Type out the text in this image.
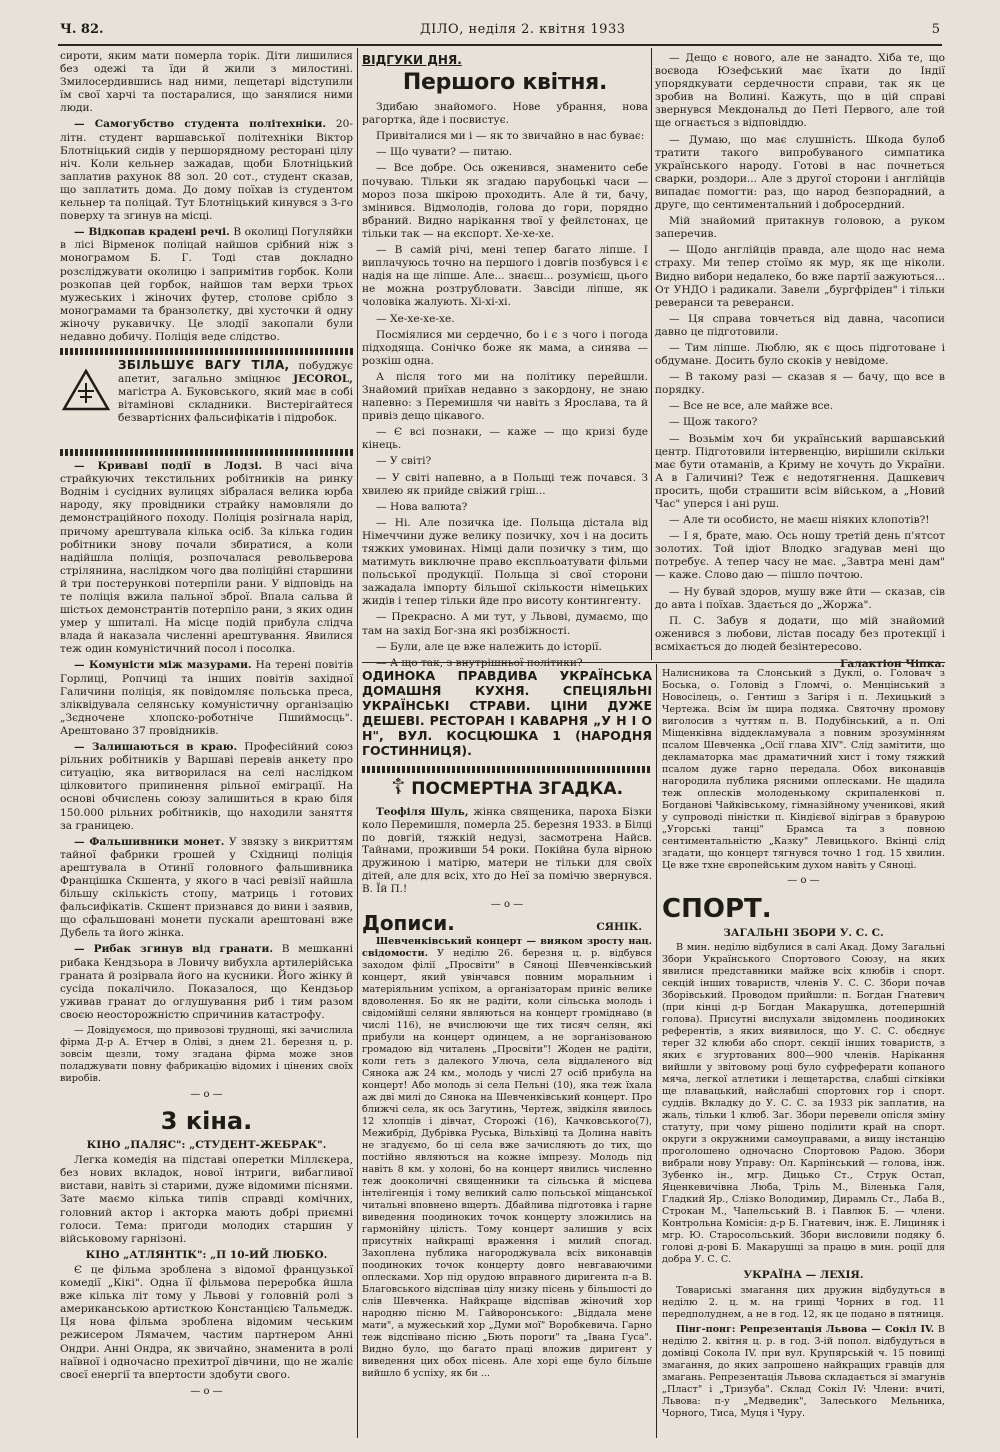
Ч. 82.	ДІЛО, неділя 2. квітня 1933	5

сироти, яким мати померла торік. Діти лишилися без одежі та їди й жили з милостині. Змилосердившись над ними, лещетарі відступили їм свої харчі та постаралися, що занялися ними люди.

— Самогубство студента політехніки. 20-літн. студент варшавської політехніки Віктор Блотніцький сидів у першорядному ресторані цілу ніч. Коли кельнер зажадав, щоби Блотніцький заплатив рахунок 88 зол. 20 сот., студент сказав, що заплатить дома. До дому поїхав із студентом кельнер та поліцай. Тут Блотніцький кинувся з 3-го поверху та згинув на місці.

— Відкопав крадені речі. В околиці Погуляйки в лісі Вірменок поліцай найшов срібний ніж з монограмом Б. Г. Тоді став докладно розсліджувати околицю і запримітив горбок. Коли розкопав цей горбок, найшов там верхи трьох мужеських і жіночих футер, столове срібло з монограмами та бранзолєтку, дві хусточки й одну жіночу рукавичку. Це злодії закопали були недавно добичу. Поліція веде слідство.

ЗБІЛЬШУЄ ВАГУ ТІЛА, побуджує апетит, загально зміцнює JECOROL, магістра А. Буковського, який має в собі вітамінові складники. Вистерігайтеся безвартісних фальсифікатів і підробок.

— Криваві події в Лодзі. В часі віча страйкуючих текстильних робітників на ринку Воднім і сусідних вулицях зібралася велика юрба народу, яку провідники страйку намовляли до демонстраційного походу. Поліція розігнала нарід, причому арештувала кілька осіб. За кілька годин робітники знову почали збиратися, а коли надійшла поліція, розпочалася револьверова стрілянина, наслідком чого два поліційні старшини й три постерунковi потерпіли рани. У відповідь на те поліція вжила пальної зброї. Впала сальва й шістьох демонстрантів потерпіло рани, з яких один умер у шпиталі. На місце подій прибула слідча влада й наказала численні арештування. Явилися теж один комуністичний посол і посолка.

— Комуністи між мазурами. На терені повітів Горлиці, Ропчиці та інших повітів західної Галичини поліція, як повідомляє польська преса, зліквідувала селянську комуністичну організацію „Зєдночене хлопско-роботніче Пшиймосць". Арештовано 37 провідників.

— Залишаються в краю. Професійний союз рільних робітників у Варшаві перевів анкету про ситуацію, яка витворилася на селі наслідком цілковитого припинення рільної еміграції. На основі обчислень союзу залишиться в краю біля 150.000 рільних робітників, що находили заняття за границею.

— Фальшивники монет. У звязку з викриттям тайної фабрики грошей у Східниці поліція арештувала в Отинії головного фальшивника Францішка Скшента, у якого в часі ревізії найшла більшу скількість стопу, матриць і готових фальсифікатів. Скшент признався до вини і заявив, що сфальшовані монети пускали арештовані вже Дубель та його жінка.

— Рибак згинув від гранати. В мешканні рибака Кендзьора в Ловичу вибухла артилерійська граната й розірвала його на кусники. Його жінку й сусіда покалічило. Показалося, що Кендзьор уживав гранат до оглушування риб і тим разом своєю неосторожністю спричинив катастрофу.

— Довідуємося, що привозові труднощі, які зачислила фірма Д-р А. Етчер в Оліві, з днем 21. березня ц. р. зовсім щезли, тому згадана фірма може знов поладжувати повну фабрикацію відомих і цінених своїх виробів.

— о —
3 кіна.
КІНО „ПАЛЯС": „СТУДЕНТ-ЖЕБРАК".

Легка комедія на підставі оперетки Міллєкера, без нових вкладок, нової інтриги, вибагливої вистави, навіть зі старими, дуже відомими піснями. Зате маємо кілька типів справді комічних, головний актор і акторка мають добрі приємні голоси. Тема: пригоди молодих старшин у військовому гарнізоні.

КІНО „АТЛЯНТІК": „П 10-ИЙ ЛЮБКО.

Є це фільма зроблена з відомої французької комедії „Кікі". Одна її фільмова переробка йшла вже кілька літ тому у Львові у головній ролі з американською артисткою Констанцією Тальмедж. Ця нова фільма зроблена відомим чеським режисером Лямачем, частим партнером Анні Ондри. Анні Ондра, як звичайно, знаменита в ролі наївної і одночасно прехитрої дівчини, що не жаліє своєї енергії та впертости здобути свого.

— о —
ВІДГУКИ ДНЯ.
Першого квітня.

Здибаю знайомого. Нове убрання, нова рагортка, йде і посвистує.

Привіталися ми і — як то звичайно в нас буває:

— Що чувати? — питаю.

— Все добре. Ось оженився, знаменито себе почуваю. Тільки як згадаю парубоцькі часи — мороз поза шкірою проходить. Але й ти, бачу, змінився. Відмолодів, голова до гори, порядно вбраний. Видно нарікання твої у фейлєтонах, це тільки так — на експорт. Хе-хе-хе.

— В самій річі, мені тепер багато ліпше. І виплачуюсь точно на першого і довгів позбувся і є надія на ще ліпше. Але... знаєш... розумієш, цього не можна розтрубловати. Завсіди ліпше, як чоловіка жалують. Хі-хі-хі.

— Хе-хе-хе-хе.

Посміялися ми сердечно, бо і є з чого і погода підходяща. Сонічко боже як мама, а синява — розкіш одна.

А після того ми на політику перейшли. Знайомий приїхав недавно з закордону, не знаю напевно: з Перемишля чи навіть з Ярослава, та й привіз дещо цікавого.

— Є всі познаки, — каже — що кризі буде кінець.

— У світі?

— У світі напевно, а в Польщі теж почався. З хвилею як прийде свіжий гріш...

— Нова валюта?

— Ні. Але позичка іде. Польща дістала від Німеччини дуже велику позичку, хоч і на досить тяжких умовинах. Німці дали позичку з тим, що матимуть виключне право експльоатувати фільми польської продукції. Польща зі свої сторони зажадала імпорту більшої скількости німецьких жидів і тепер тільки йде про висоту контингенту.

— Прекрасно. А ми тут, у Львові, думаємо, що там на захід Бог-зна які розбіжності.

— Були, але це вже належить до історії.

— А що так, з внутрішньої політики?

— Дещо є нового, але не занадто. Хіба те, що воєвода Юзефський має їхати до Індії упорядкувати сердечности справи, так як це зробив на Волині. Кажуть, що в цій справі звернувся Мекдональд до Петі Первого, але той ще огнається з відповіддю.

— Думаю, що має слушність. Шкода булоб тратити такого випробуваного симпатика українського народу. Готові в нас почнеться сварки, роздори... Але з другої сторони і англійців випадає помогти: раз, що народ безпорадний, а друге, що сентиментальний і доброcердний.

Мій знайомий притакнув головою, а руком заперечив.

— Щодо англійців правда, але щодо нас нема страху. Ми тепер стоїмо як мур, як ще ніколи. Видно вибори недалеко, бо вже партії зажуються... От УНДО і радикали. Завели „бургфріден" і тільки реверанси та реверанси.

— Ця справа товчеться від давна, часописи давно це підготовили.

— Тим ліпше. Люблю, як є щось підготоване і обдумане. Досить було скоків у невідоме.

— В такому разі — сказав я — бачу, що все в порядку.

— Все не все, але майже все.

— Щож такого?

— Возьмім хоч би український варшавський центр. Підготовили інтервенцію, вирішили скільки має бути отаманів, а Криму не хочуть до України. А в Галичині? Теж є недотягнення. Дашкевич просить, щоби страшити всім військом, а „Новий Час" уперся і ані руш.

— Але ти особисто, не маєш ніяких клопотів?!

— І я, брате, маю. Ось ношу третій день п'ятсот золотих. Той ідіот Влодко згадував мені що потребує. А тепер часу не має. „Завтра мені дам" — каже. Слово даю — пішло почтою.

— Ну бувай здоров, мушу вже йти — сказав, сів до авта і поїхав. Здається до „Жоржа".

П. С. Забув я додати, що мій знайомий оженився з любови, лістав посаду без протекції і всміхається до людей безінтересово.

Галактіон Чіпка.
ОДИНОКА ПРАВДИВА УКРАЇНСЬКА ДОМАШНЯ КУХНЯ. СПЕЦІЯЛЬНІ УКРАЇНСЬКІ СТРАВИ. ЦІНИ ДУЖЕ ДЕШЕВІ. РЕСТОРАН І КАВАРНЯ „У Н І О Н", ВУЛ. КОСЦЮШКА 1 (НАРОДНЯ ГОСТИННИЦЯ).
☦ ПОСМЕРТНА ЗГАДКА.

Теофіля Шуль, жінка священика, пароха Бізки коло Перемишля, померла 25. березня 1933. в Білці по довгій, тяжкій недузі, засмотрена Найсв. Тайнами, проживши 54 роки. Покійна була вірною дружиною і матірю, матери не тільки для своїх дітей, але для всіх, хто до Неї за помічю звернувся. В. Їй П.!

— о —
Дописи.	СЯНІК.

Шевченківський концерт — вияком зросту нац. свідомости. У неділю 26. березня ц. р. відбувся заходом філії „Просвіти" в Сяноці Шевченківський концерт, який увінчався повним моральним і матеріяльним успіхом, а організаторам приніс велике вдоволення. Бо як не радіти, коли сільська молодь і свідомійші селяни являються на концерт громіднаво (в числі 116), не вчислюючи ще тих тисяч селян, які прибули на концерт одинцем, а не зорганізованою громадою від читалень „Просвіти"! Жоден не радіти, коли геть з далекого Улюча, села віддаленого від Сянока аж 24 км., молодь у числі 27 осіб прибула на концерт! Або молодь зі села Пельні (10), яка теж їхала аж дві милі до Сянока на Шевченківський концерт. Про ближчі села, як ось Загутинь, Чертеж, звідкіля явилось 12 хлопців і дівчат, Сторожі (16), Качковського(7), Межибрід, Дубрівка Руська, Вільхівці та Долина навіть не згадуємо, бо ці села вже зачисляють до тих, що постійно являються на кожне імпрезу. Молодь під навіть 8 км. у холоні, бо на концерт явились численно теж доокoличні священники та сільська й місцева інтелігенція і тому великий салю польської міщанської читальні вповнено вщерть. Дбайлива підготовка і гарне виведення поодиноких точок концерту зложились на гармонійну цілість. Тому концерт залишив у всіх присутніх найкращі враження і милий спогад. Захоплена публика нагороджувала всіх виконавців поодиноких точок концерту довго невгаваючими оплесками. Хор під орудою вправного диригента п-а В. Благовського відспівав цілу низку пісень у більшості до слів Шевченка. Найкраще відспівав жіночий хор народню пісню М. Гайворонського: „Віддала мене мати", а мужеський хор „Думи мої" Воробкевича. Гарно теж відспівано пісню „Бють пороги" та „Івана Гуса". Видно було, що багато праці вложив диригент у виведення цих обох пісень. Але хорі еще було більше вийшло б успіху, як би ...

Налисникова та Слонський з Дуклі, о. Головач з Боська, о. Головід з Гломчі, о. Менцінський з Новосілець, о. Гентиш з Загіря і п. Лехицький з Чертежа. Всім їм щира подяка. Святочну промову виголосив з чуттям п. В. Подубінський, а п. Олі Міщенківна віддекламувала з повним зрозумінням псалом Шевченка „Осії глава XIV". Слід замітити, що декламаторка має драматичний хист і тому тяжкий псалом дуже гарно передала. Обох виконавців нагородила публика рясними оплесками. Не щадила теж оплесків молоденькому скрипаленкові п. Богданові Чайківському, гімназійному ученикові, який у супроводі піністки п. Кіндієвої відіграв з бравурою „Угорські танці" Брамса та з повною сентиментальністю „Казку" Левицького. Вкінці слід згадати, що концерт тягнувся точно 1 год. 15 хвилин. Це вже тхне європейським духом навіть у Сяноці.

— о —
СПОРТ.
ЗАГАЛЬНІ ЗБОРИ У. С. С.

В мин. неділю відбулися в салі Акад. Дому Загальні Збори Українського Спортового Союзу, на яких явилися представники майже всіх клюбів і спорт. секцій інших товариств, членів У. С. С. Збори почав Зборівський. Проводом прийшли: п. Богдан Гнатевич (при кінці д-р Богдан Макарушка, дотепершній голова). Присутні вислухали звідомлень поодиноких референтів, з яких виявилося, що У. С. С. обєднує теper 32 клюби або спорт. секції інших товариств, з яких є згуртованих 800—900 членів. Нарікання вийшли у звітовому році було суфреферати копаного мяча, легкої атлетики і лещетарства, слабші сітківки ще плавацький, найслабші спортових гор і спорт. суддів. Вкладку до У. С. С. за 1933 рік заплатив, на жаль, тільки 1 клюб. Заг. Збори перевели опісля зміну статуту, при чому рішено поділити край на спорт. округи з окружними самоуправами, а вищу інстанцію проголошено одночасно Спортовою Радою. Збори вибрали нову Управу: Ол. Карпінський — голова, інж. Зубенко ін., мгр. Дицько Ст., Струк Остап, Яценкевичівна Люба, Тріль М., Віленька Галя, Гладкий Яр., Слізко Володимир, Дирамль Ст., Лаба В., Строкан М., Чапельський В. і Павлюк Б. — члени. Контрольна Комісія: д-р Б. Гнатевич, інж. Е. Лициняк і мгр. Ю. Старосольський. Збори висловили подяку б. голові д-рові Б. Макарушці за працю в мин. роції для добра У. С. С.

УКРАЇНА — ЛЕХІЯ.

Товариські змагання цих дружин відбудуться в неділю 2. ц. м. на грищі Чорних в год. 11 передполуднем, а не в год. 12, як це подано в пятниця.

Пінг-понг: Репрезентація Львова — Сокіл IV. В неділю 2. квітня ц. р. в год. 3-ій попол. відбудуться в домівці Сокола IV. при вул. Крупярській ч. 15 повищі змагання, до яких запрошено найкращих гравців для змагань. Репрезентація Львова складається зі змагунів „Пласт" і „Тризуба". Склад Сокіл IV: Члени: вчиті, Львова: п-у „Медведик", Залеського Мельника, Чорного, Тиса, Муця і Чуру.
